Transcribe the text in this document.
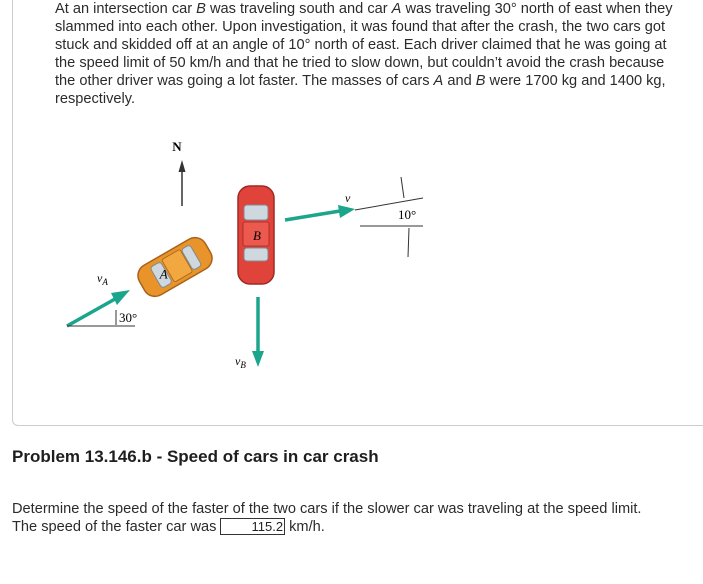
At an intersection car B was traveling south and car A was traveling 30° north of east when they slammed into each other. Upon investigation, it was found that after the crash, the two cars got stuck and skidded off at an angle of 10° north of east. Each driver claimed that he was going at the speed limit of 50 km/h and that he tried to slow down, but couldn’t avoid the crash because the other driver was going a lot faster. The masses of cars A and B were 1700 kg and 1400 kg, respectively.

N
A
B
30°
$v_A$
$v_B$
v
10°
Problem 13.146.b - Speed of cars in car crash

Determine the speed of the faster of the two cars if the slower car was traveling at the speed limit.
The speed of the faster car was	115.2 km/h.
